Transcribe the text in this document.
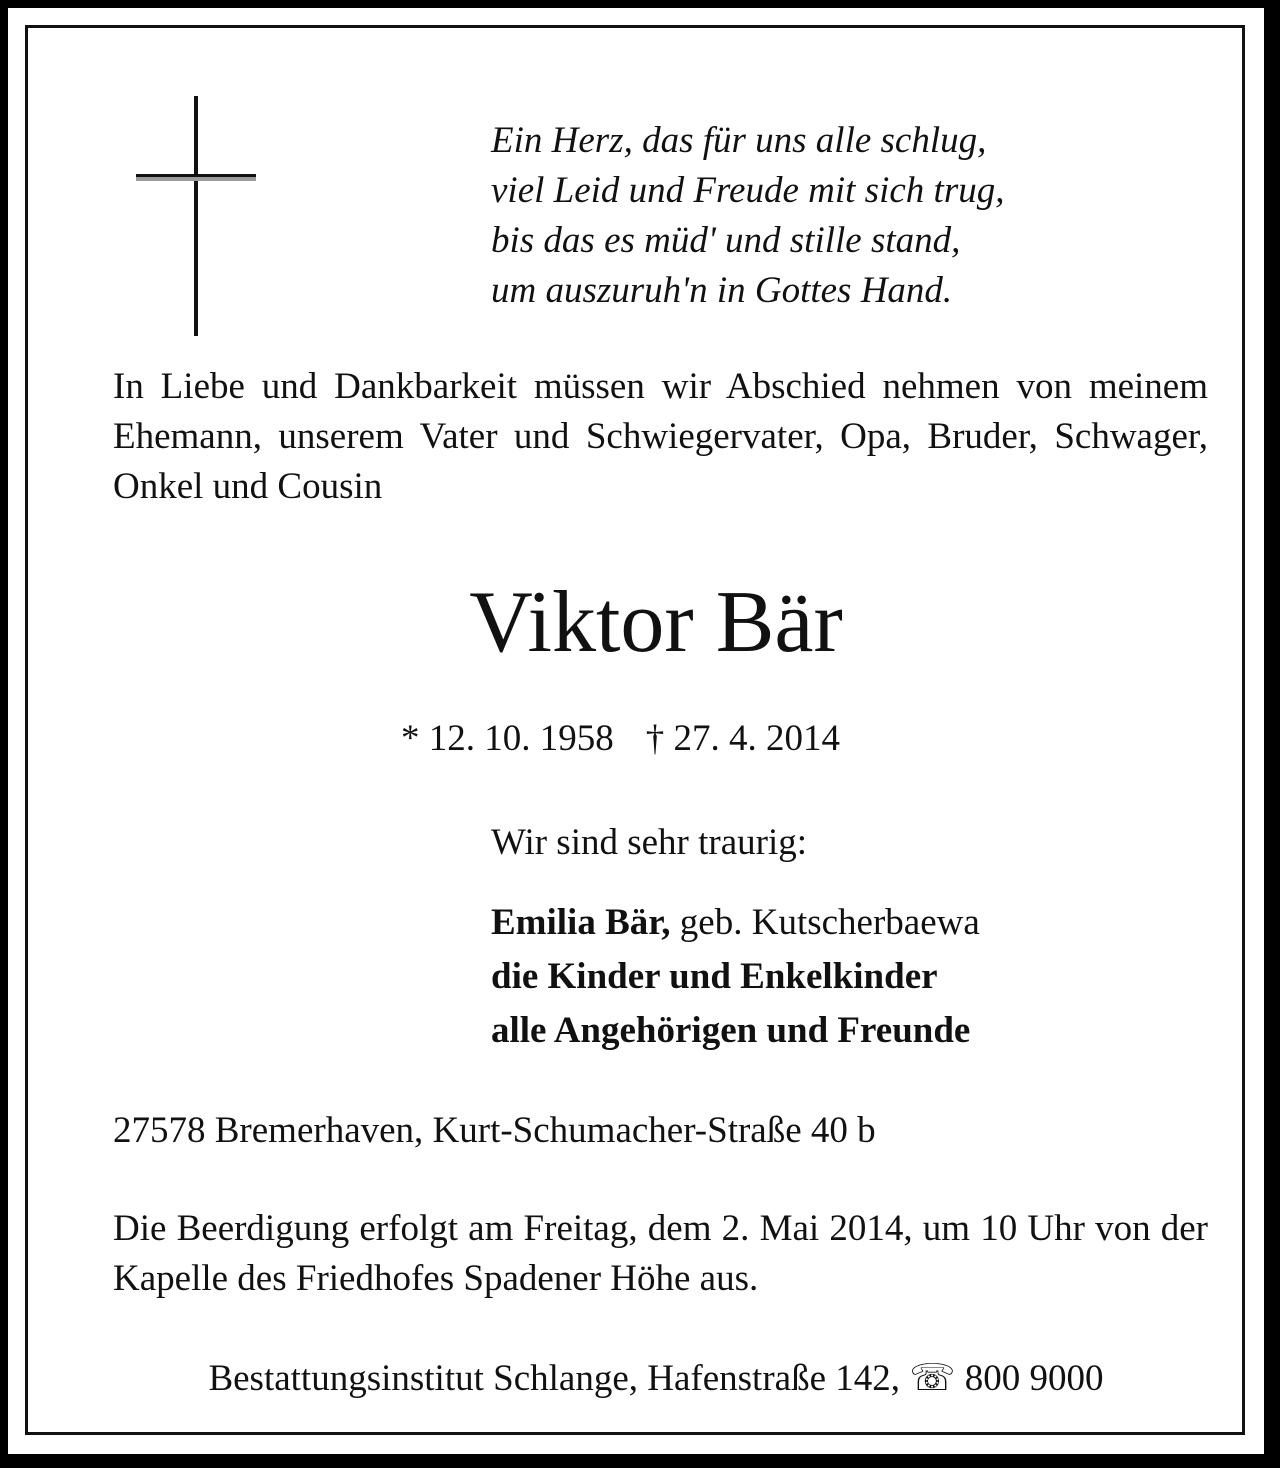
Ein Herz, das für uns alle schlug,
viel Leid und Freude mit sich trug,
bis das es müd' und stille stand,
um auszuruh'n in Gottes Hand.
In Liebe und Dankbarkeit müssen wir Abschied nehmen von meinem Ehemann, unserem Vater und Schwiegervater, Opa, Bruder, Schwager, Onkel und Cousin
Viktor Bär
* 12. 10. 1958 † 27. 4. 2014
Wir sind sehr traurig:
Emilia Bär, geb. Kutscherbaewa
die Kinder und Enkelkinder
alle Angehörigen und Freunde
27578 Bremerhaven, Kurt-Schumacher-Straße 40 b
Die Beerdigung erfolgt am Freitag, dem 2. Mai 2014, um 10 Uhr von der Kapelle des Friedhofes Spadener Höhe aus.
Bestattungsinstitut Schlange, Hafenstraße 142, ☏ 800 9000
